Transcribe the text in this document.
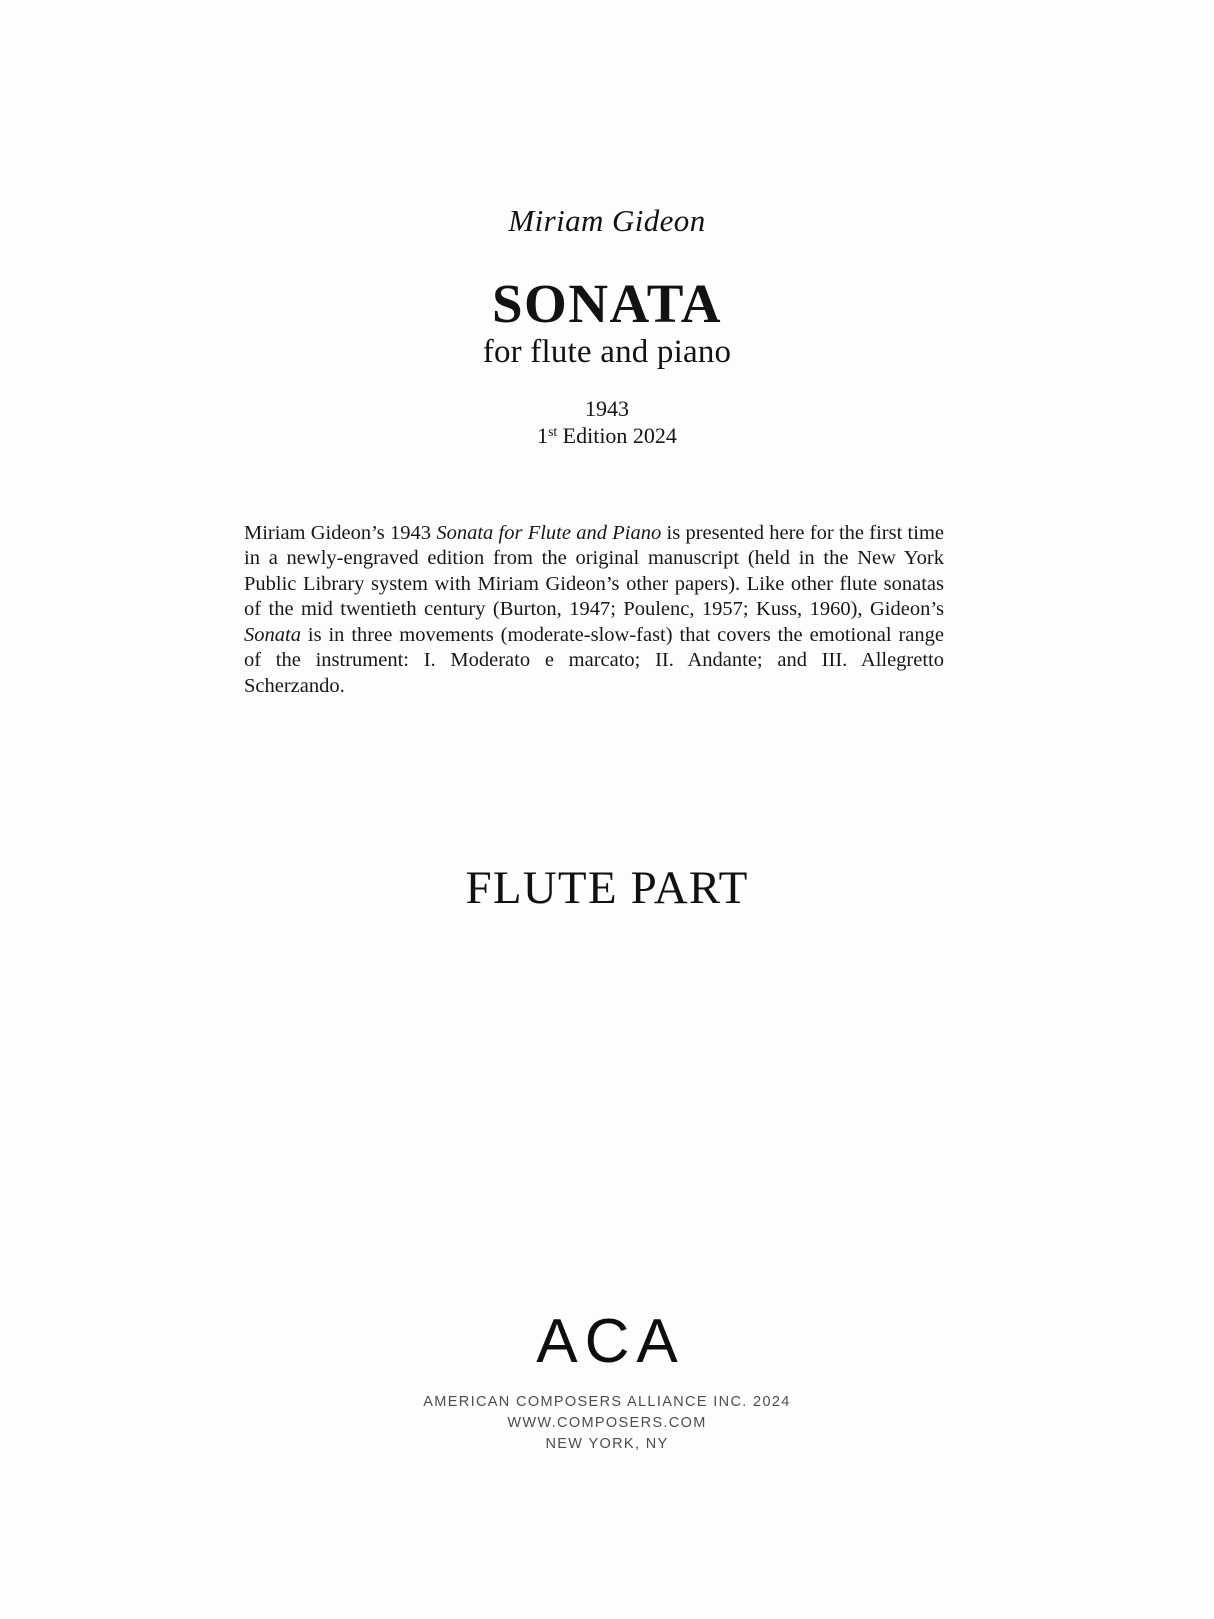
Miriam Gideon
SONATA
for flute and piano
1943
1st Edition 2024

Miriam Gideon’s 1943 Sonata for Flute and Piano is presented here for the first time in a newly-engraved edition from the original manuscript (held in the New York Public Library system with Miriam Gideon’s other papers). Like other flute sonatas of the mid twentieth century (Burton, 1947; Poulenc, 1957; Kuss, 1960), Gideon’s Sonata is in three movements (moderate-slow-fast) that covers the emotional range of the instrument: I. Moderato e marcato; II. Andante; and III. Allegretto Scherzando.

FLUTE PART
ACA
AMERICAN COMPOSERS ALLIANCE INC. 2024
WWW.COMPOSERS.COM
NEW YORK, NY
